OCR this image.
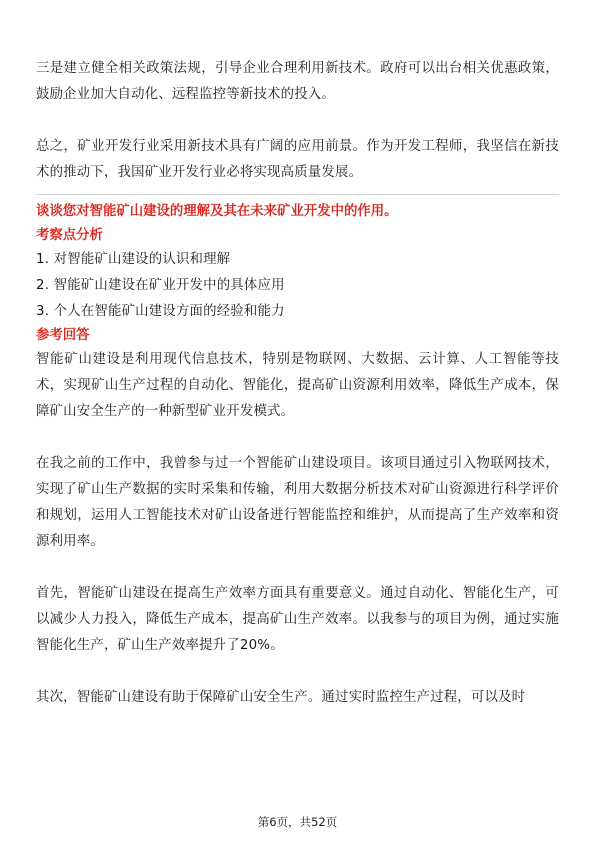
三是建立健全相关政策法规，引导企业合理利用新技术。政府可以出台相关优惠政策，鼓励企业加大自动化、远程监控等新技术的投入。

总之，矿业开发行业采用新技术具有广阔的应用前景。作为开发工程师，我坚信在新技术的推动下，我国矿业开发行业必将实现高质量发展。

谈谈您对智能矿山建设的理解及其在未来矿业开发中的作用。

考察点分析

1. 对智能矿山建设的认识和理解
2. 智能矿山建设在矿业开发中的具体应用
3. 个人在智能矿山建设方面的经验和能力

参考回答

智能矿山建设是利用现代信息技术，特别是物联网、大数据、云计算、人工智能等技术，实现矿山生产过程的自动化、智能化，提高矿山资源利用效率，降低生产成本，保障矿山安全生产的一种新型矿业开发模式。

在我之前的工作中，我曾参与过一个智能矿山建设项目。该项目通过引入物联网技术，实现了矿山生产数据的实时采集和传输，利用大数据分析技术对矿山资源进行科学评价和规划，运用人工智能技术对矿山设备进行智能监控和维护，从而提高了生产效率和资源利用率。

首先，智能矿山建设在提高生产效率方面具有重要意义。通过自动化、智能化生产，可以减少人力投入，降低生产成本，提高矿山生产效率。以我参与的项目为例，通过实施智能化生产，矿山生产效率提升了20%。

其次，智能矿山建设有助于保障矿山安全生产。通过实时监控生产过程，可以及时

第6页，共52页
